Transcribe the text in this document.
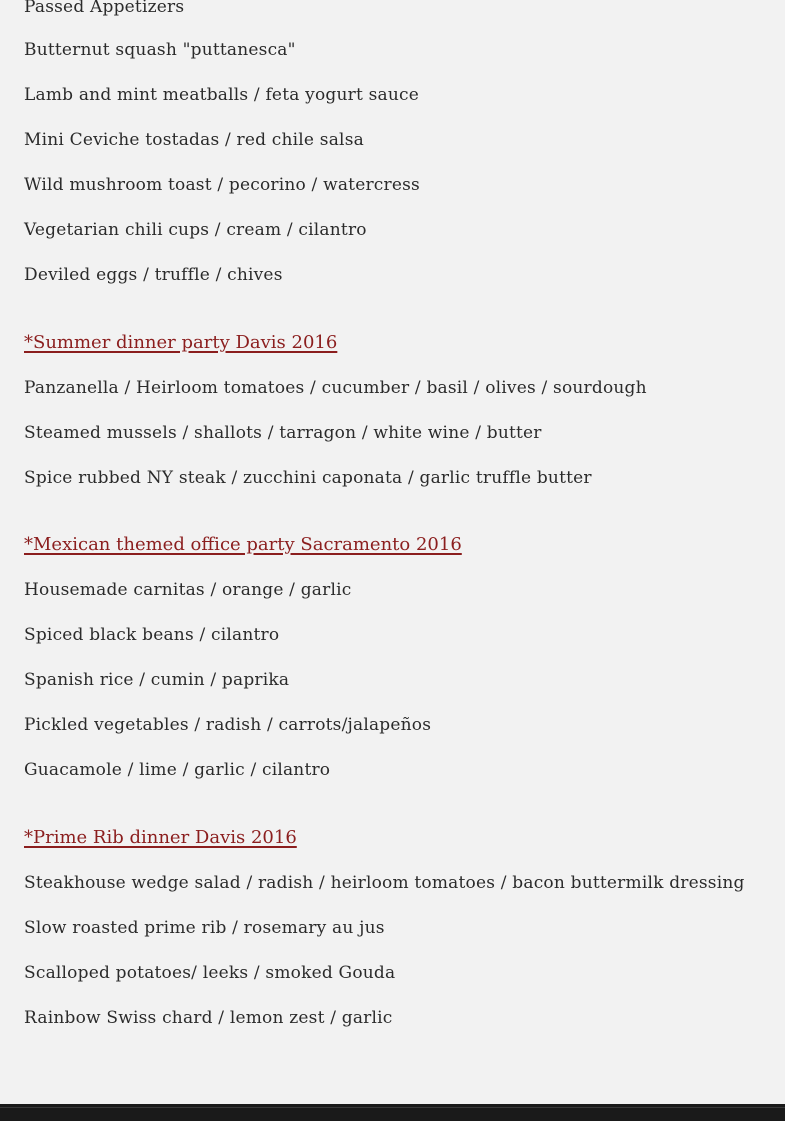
Passed Appetizers
Butternut squash "puttanesca"
Lamb and mint meatballs / feta yogurt sauce
Mini Ceviche tostadas / red chile salsa
Wild mushroom toast / pecorino / watercress
Vegetarian chili cups / cream / cilantro
Deviled eggs / truffle / chives
*Summer dinner party Davis 2016
Panzanella / Heirloom tomatoes / cucumber / basil / olives / sourdough
Steamed mussels / shallots / tarragon / white wine / butter
Spice rubbed NY steak / zucchini caponata / garlic truffle butter
*Mexican themed office party Sacramento 2016
Housemade carnitas / orange / garlic
Spiced black beans / cilantro
Spanish rice / cumin / paprika
Pickled vegetables / radish / carrots/jalapeños
Guacamole / lime / garlic / cilantro
*Prime Rib dinner Davis 2016
Steakhouse wedge salad / radish / heirloom tomatoes / bacon buttermilk dressing
Slow roasted prime rib / rosemary au jus
Scalloped potatoes/ leeks / smoked Gouda
Rainbow Swiss chard / lemon zest / garlic
